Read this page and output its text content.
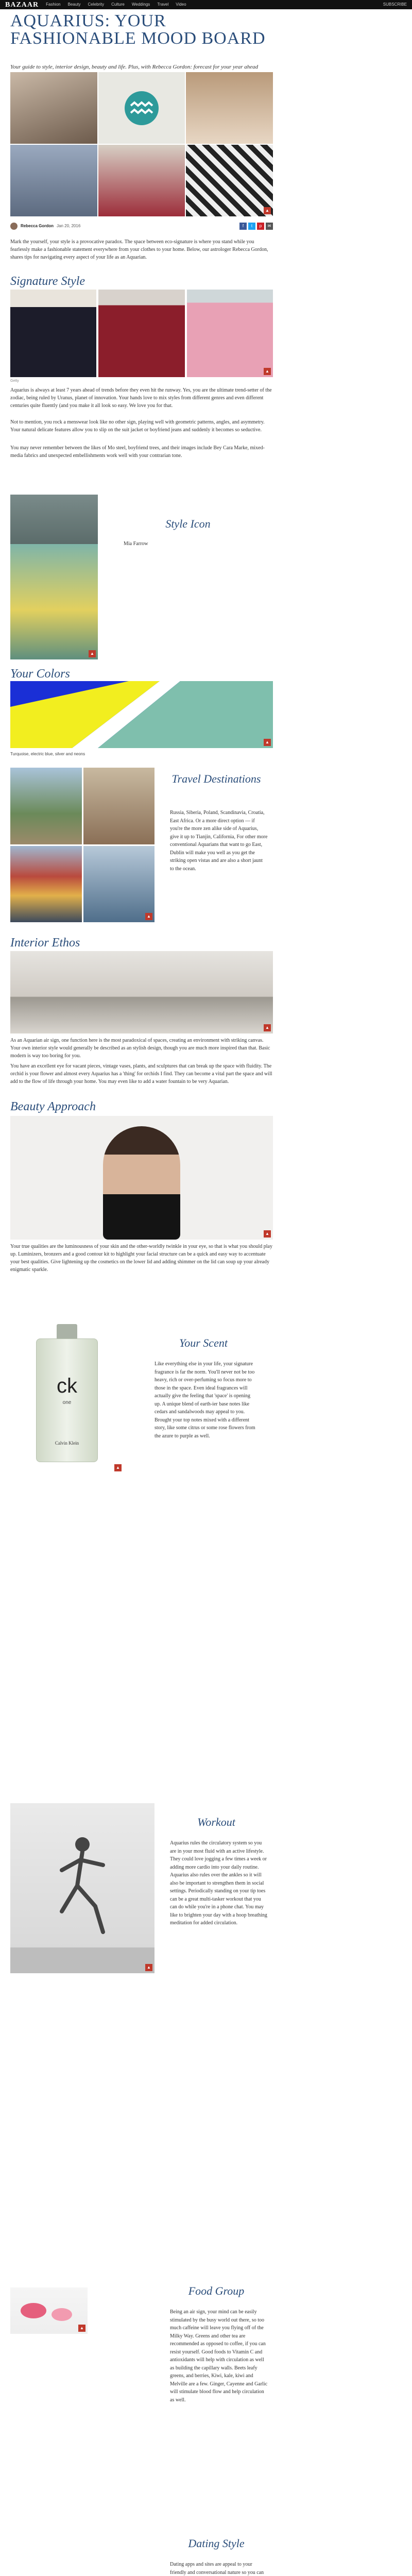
BAZAAR Fashion Beauty Celebrity Culture Weddings Travel Video	SUBSCRIBE
AQUARIUS: YOUR FASHIONABLE MOOD BOARD
Your guide to style, interior design, beauty and life. Plus, with Rebecca Gordon: forecast for your year ahead
▲
Rebecca Gordon Jan 20, 2016	f	t	p	✉

Mark the yourself, your style is a provocative paradox. The space between eco-signature is where you stand while you fearlessly make a fashionable statement everywhere from your clothes to your home. Below, our astrologer Rebecca Gordon, shares tips for navigating every aspect of your life as an Aquarian.

Signature Style
▲
Getty

Aquarius is always at least 7 years ahead of trends before they even hit the runway. Yes, you are the ultimate trend-setter of the zodiac, being ruled by Uranus, planet of innovation. Your hands love to mix styles from different genres and even different centuries quite fluently (and you make it all look so easy. We love you for that.

Not to mention, you rock a menswear look like no other sign, playing well with geometric patterns, angles, and asymmetry. Your natural delicate features allow you to slip on the suit jacket or boyfriend jeans and suddenly it becomes so seductive.

You may never remember between the likes of Mo steel, boyfriend trees, and their images include Bey Cara Marke, mixed-media fabrics and unexpected embellishments work well with your contrarian tone.

▲
Style Icon
Mia Farrow
Your Colors
▲
Turquoise, electric blue, silver and neons
▲
Travel Destinations
Russia, Siberia, Poland, Scandinavia, Croatia, East Africa. Or a more direct option — if you're the more zen alike side of Aquarius, give it up to Tianjin, California, For other more conventional Aquarians that want to go East, Dublin will make you well as you get the striking open vistas and are also a short jaunt to the ocean.
Interior Ethos
▲

As an Aquarian air sign, one function here is the most paradoxical of spaces, creating an environment with striking canvas. Your own interior style would generally be described as an stylish design, though you are much more inspired than that. Basic modern is way too boring for you.

You have an excellent eye for vacant pieces, vintage vases, plants, and sculptures that can break up the space with fluidity. The orchid is your flower and almost every Aquarius has a 'thing' for orchids I find. They can become a vital part the space and will add to the flow of life through your home. You may even like to add a water fountain to be very Aquarian.

Beauty Approach
▲

Your true qualities are the luminousness of your skin and the other-worldly twinkle in your eye, so that is what you should play up. Luminizers, bronzers and a good contour kit to highlight your facial structure can be a quick and easy way to accentuate your best qualities. Give lightening up the cosmetics on the lower lid and adding shimmer on the lid can soup up your already enigmatic sparkle.

ck
one
Calvin Klein
▲
Your Scent
Like everything else in your life, your signature fragrance is far the norm. You'll never not be too heavy, rich or over-perfuming so focus more to those in the space. Even ideal fragrances will actually give the feeling that 'space' is opening up. A unique blend of earth-ier base notes like cedars and sandalwoods may appeal to you. Brought your top notes mixed with a different story, like some citrus or some rose flowers from the azure to purple as well.
▲
Workout
Aquarius rules the circulatory system so you are in your most fluid with an active lifestyle. They could love jogging a few times a week or adding more cardio into your daily routine. Aquarius also rules over the ankles so it will also be important to strengthen them in social settings. Periodically standing on your tip toes can be a great multi-tasker workout that you can do while you're in a phone chat. You may like to brighten your day with a hoop breathing meditation for added circulation.
▲
Food Group
Being an air sign, your mind can be easily stimulated by the busy world out there, so too much caffeine will leave you flying off of the Milky Way. Greens and other tea are recommended as opposed to coffee, if you can resist yourself. Good foods to Vitamin C and antioxidants will help with circulation as well as building the capillary walls. Beets leafy greens, and berries, Kiwi, kale, kiwi and Melville are a few. Ginger, Cayenne and Garlic will stimulate blood flow and help circulation as well.
Dating Style
Dating apps and sites are appeal to your friendly and conversational nature so you can
